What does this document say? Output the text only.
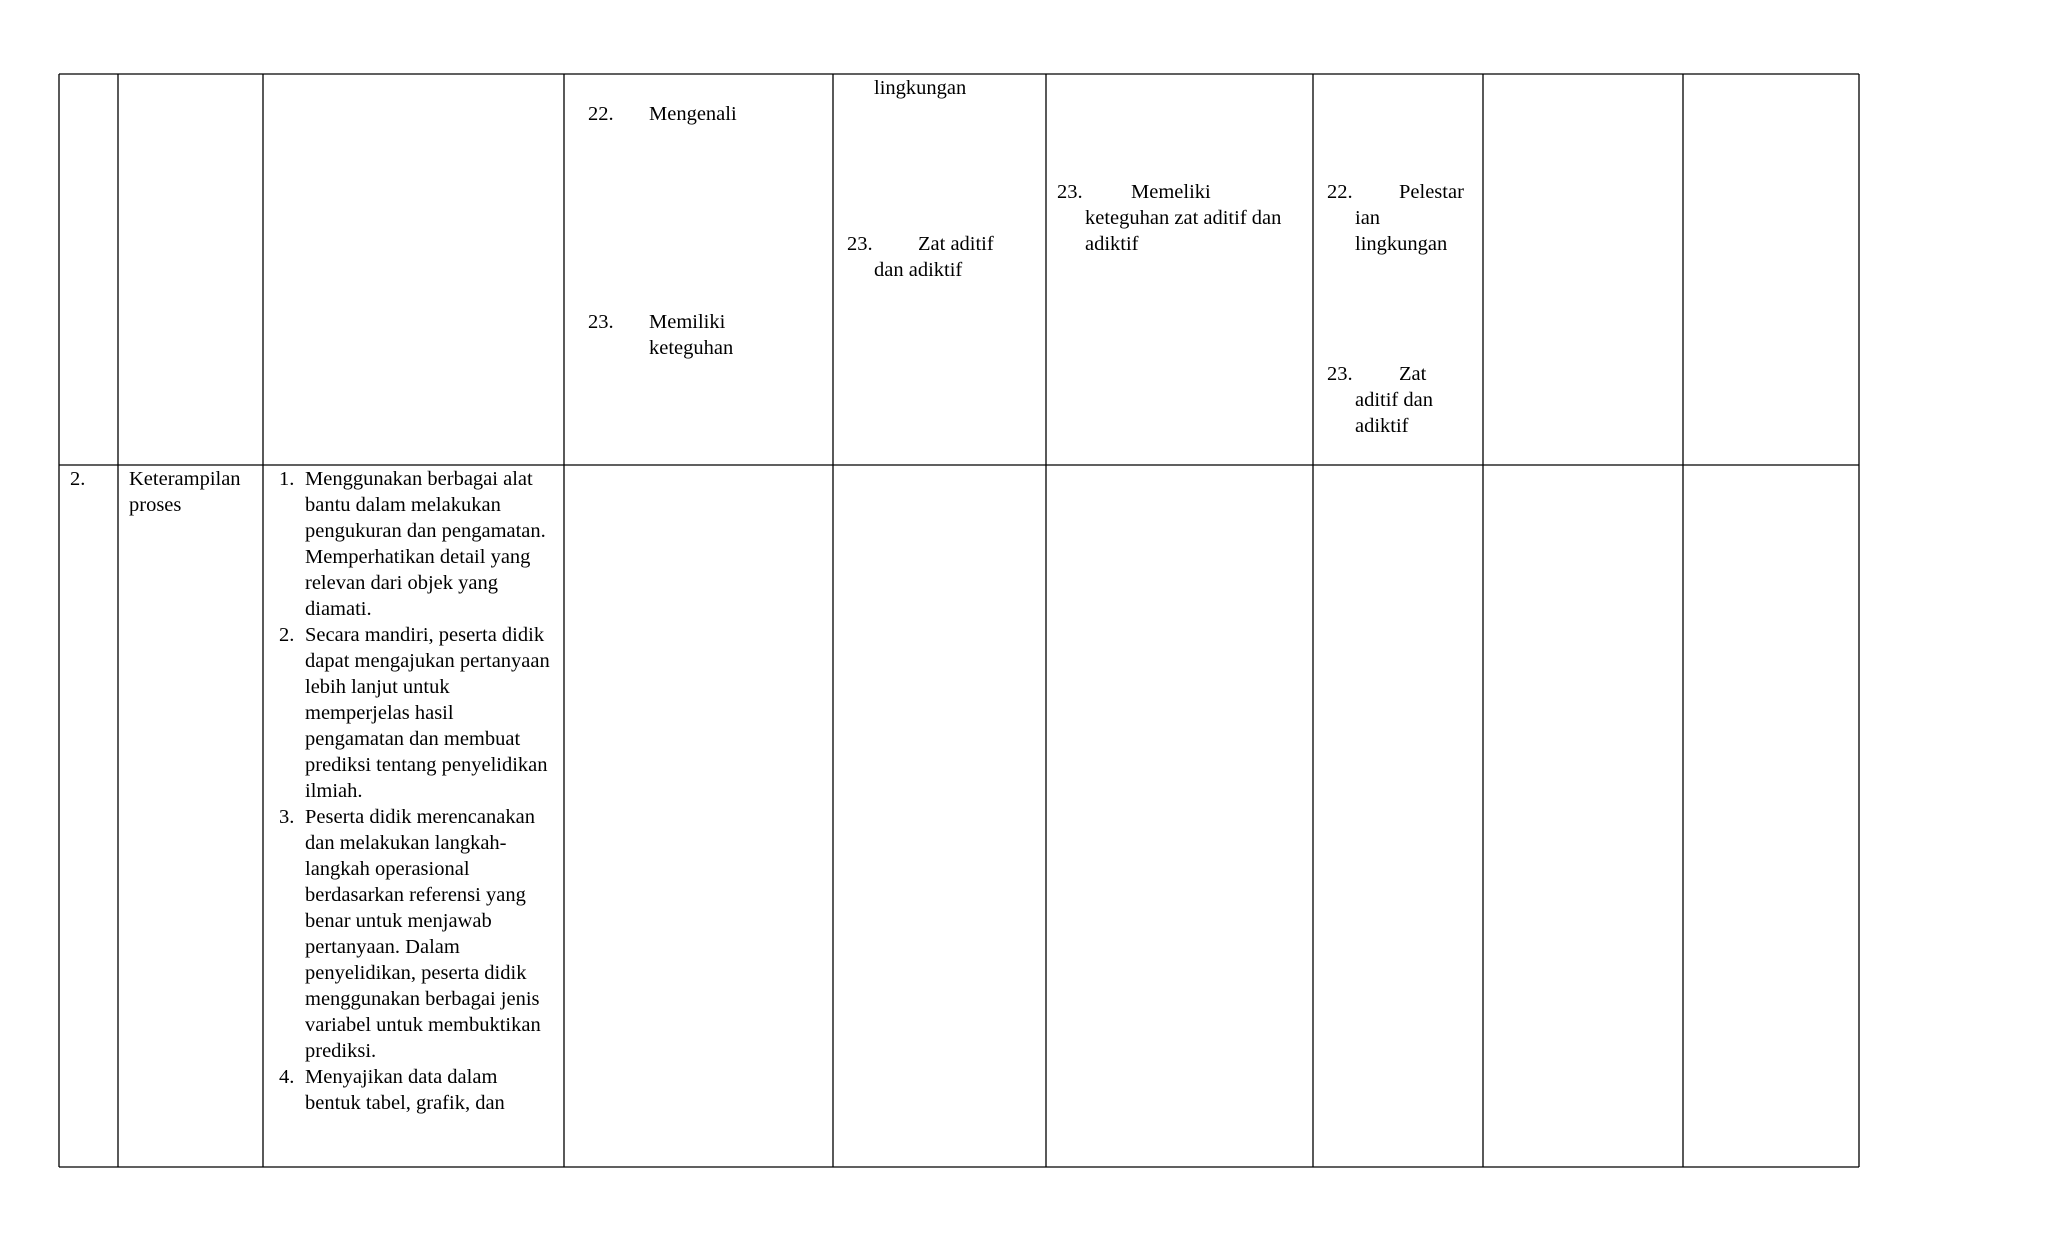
22. Mengenali
23. Memiliki
keteguhan
lingkungan
23. Zat aditif
dan adiktif
23. Memeliki
keteguhan zat aditif dan
adiktif
22. Pelestar
ian
lingkungan
23. Zat
aditif dan
adiktif
2. Keterampilan
proses
1. Menggunakan berbagai alat bantu dalam melakukan pengukuran dan pengamatan. Memperhatikan detail yang relevan dari objek yang diamati.
2. Secara mandiri, peserta didik dapat mengajukan pertanyaan lebih lanjut untuk memperjelas hasil pengamatan dan membuat prediksi tentang penyelidikan ilmiah.
3. Peserta didik merencanakan dan melakukan langkah-langkah operasional berdasarkan referensi yang benar untuk menjawab pertanyaan. Dalam penyelidikan, peserta didik menggunakan berbagai jenis variabel untuk membuktikan prediksi.
4. Menyajikan data dalam bentuk tabel, grafik, dan
